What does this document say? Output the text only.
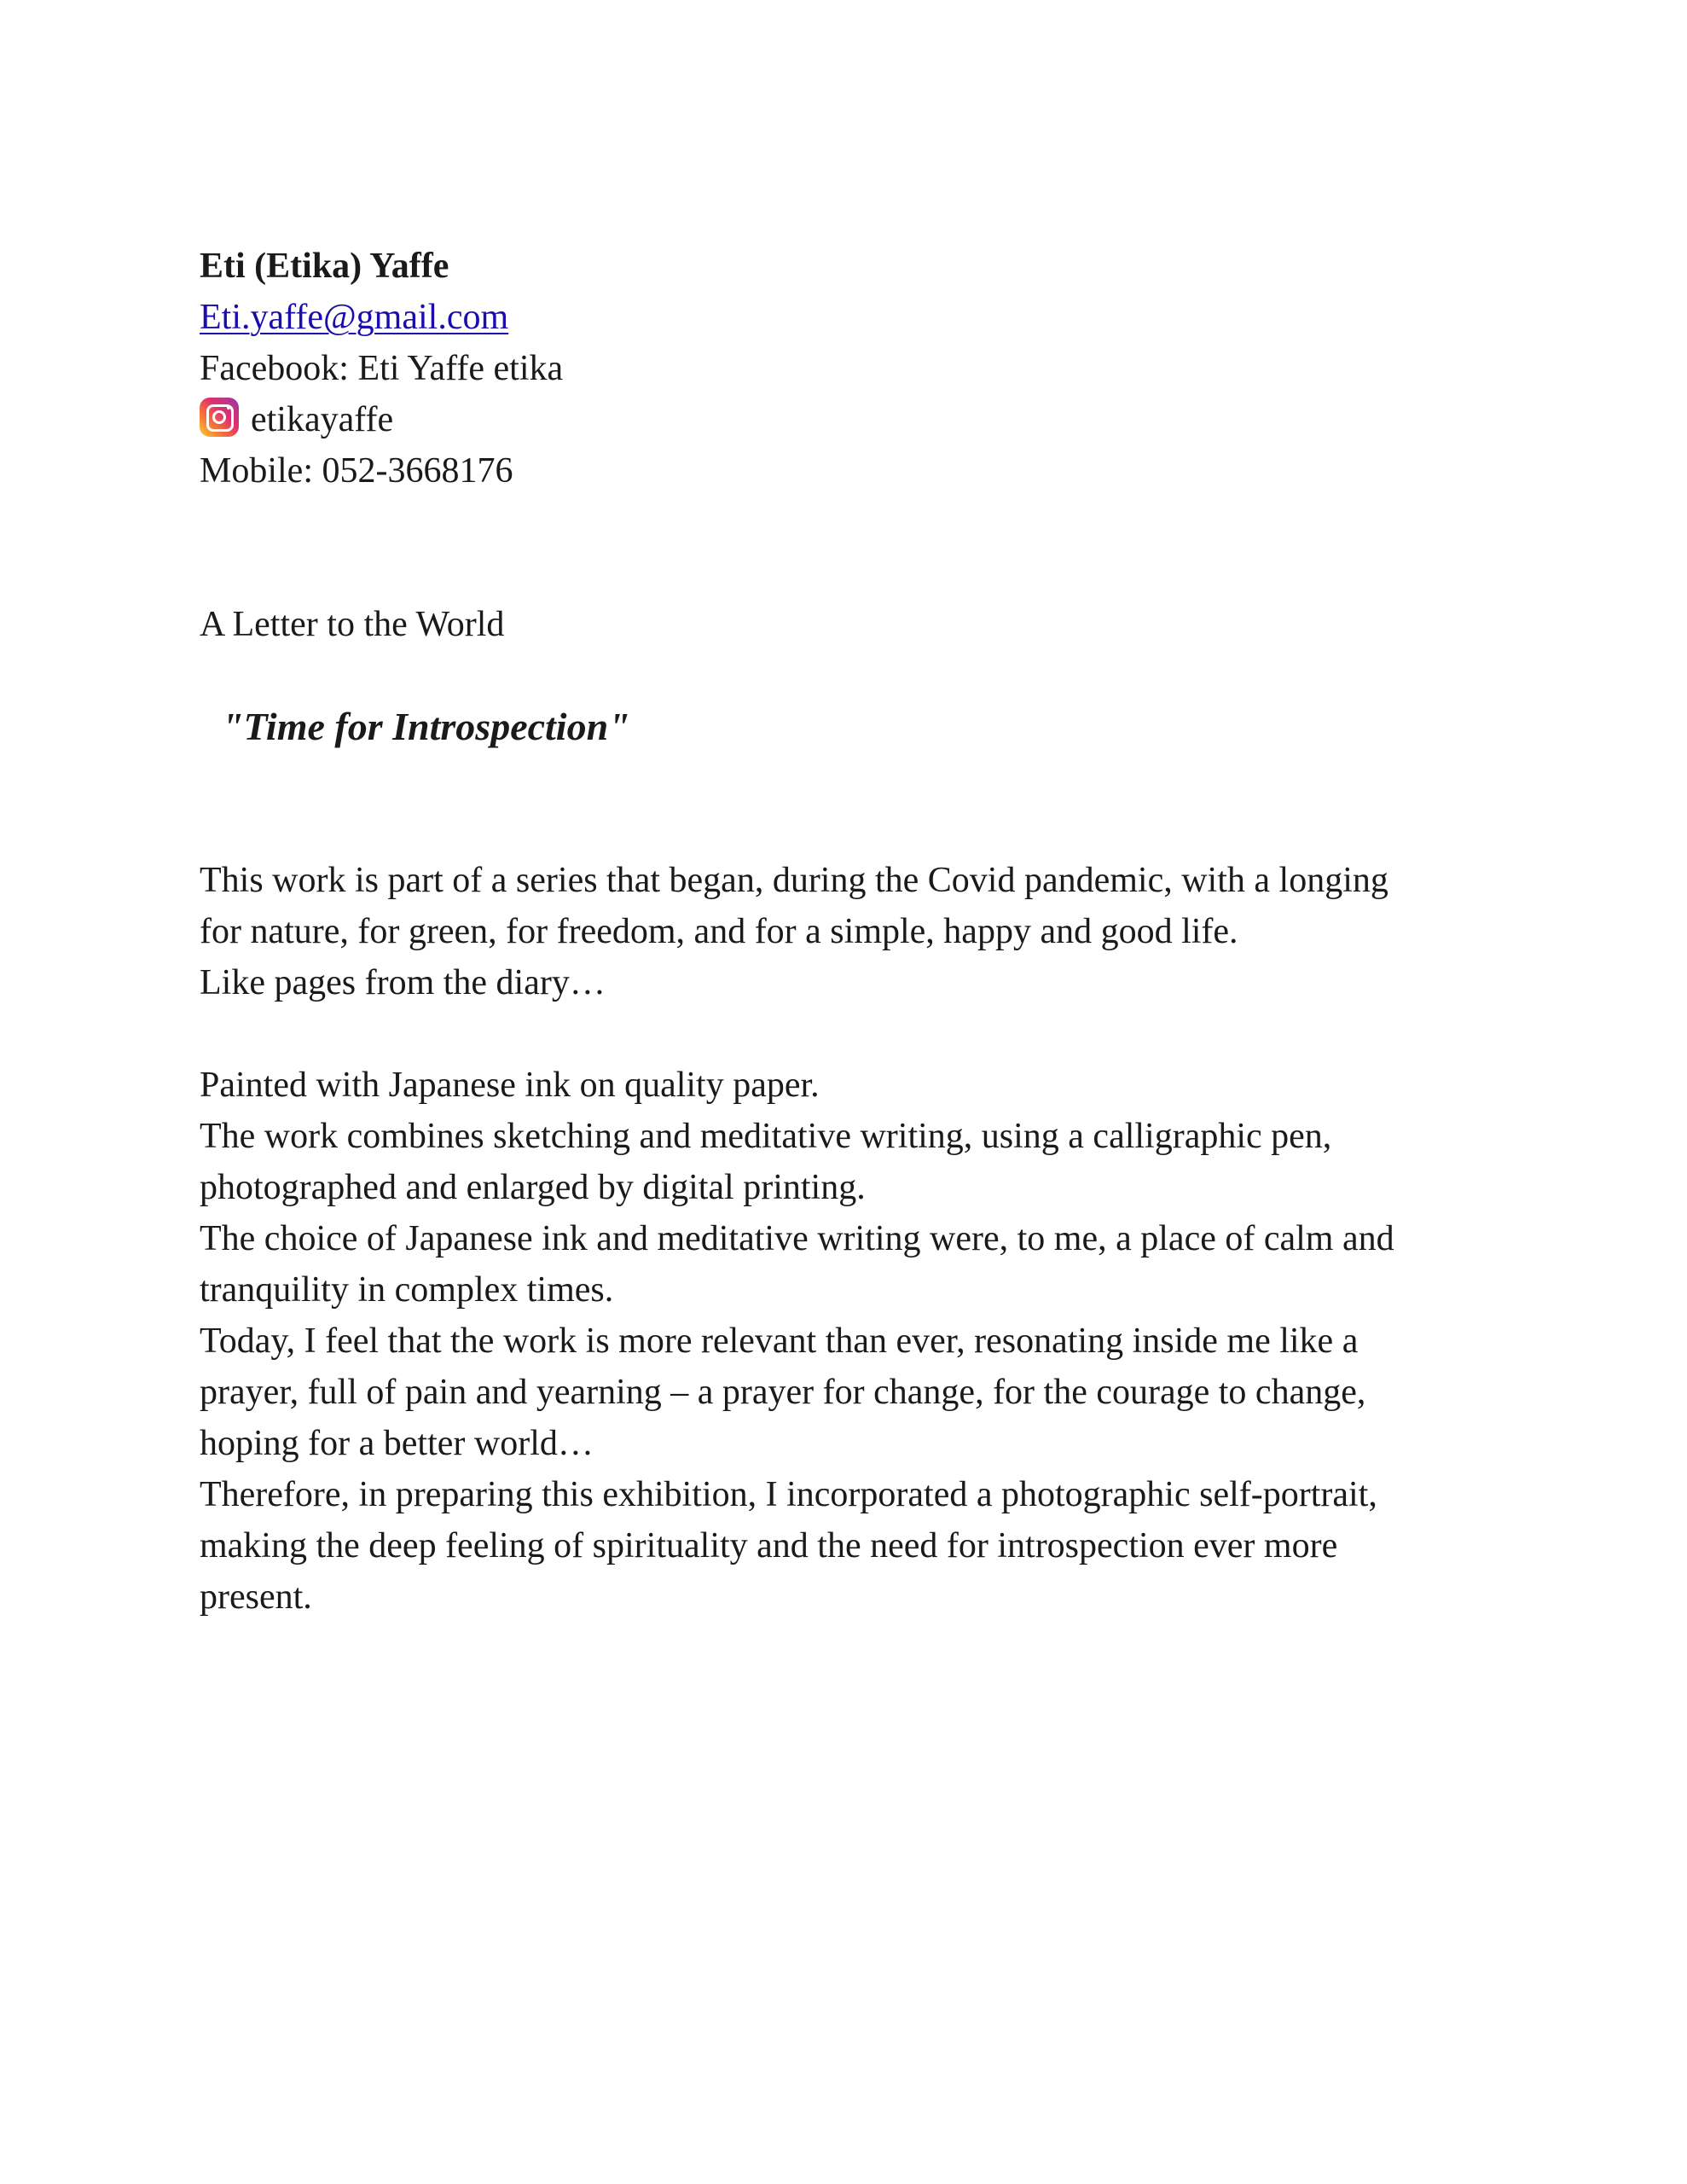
Eti (Etika) Yaffe
Eti.yaffe@gmail.com
Facebook: Eti Yaffe etika
etikayaffe
Mobile: 052-3668176
A Letter to the World
"Time for Introspection"
This work is part of a series that began, during the Covid pandemic, with a longing
for nature, for green, for freedom, and for a simple, happy and good life.
Like pages from the diary…
Painted with Japanese ink on quality paper.
The work combines sketching and meditative writing, using a calligraphic pen,
photographed and enlarged by digital printing.
The choice of Japanese ink and meditative writing were, to me, a place of calm and
tranquility in complex times.
Today, I feel that the work is more relevant than ever, resonating inside me like a
prayer, full of pain and yearning – a prayer for change, for the courage to change,
hoping for a better world…
Therefore, in preparing this exhibition, I incorporated a photographic self-portrait,
making the deep feeling of spirituality and the need for introspection ever more
present.
